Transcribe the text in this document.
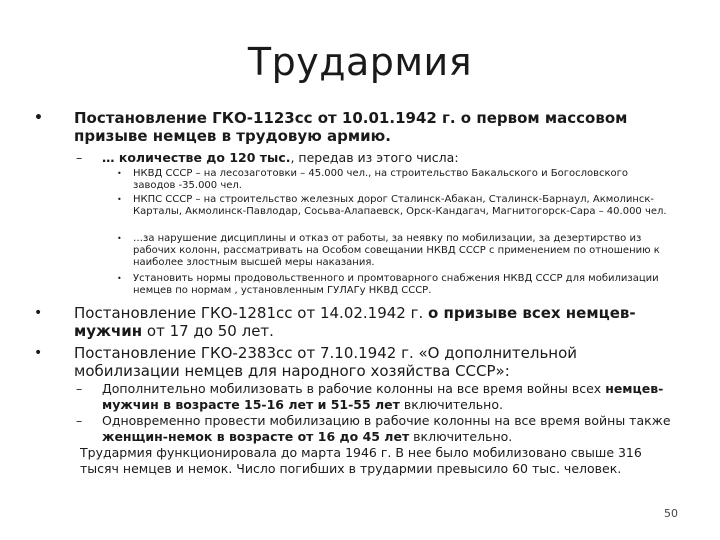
Трудармия
• Постановление ГКО-1123сс от 10.01.1942 г. о первом массовом призыве немцев в трудовую армию.
– … количестве до 120 тыс., передав из этого числа:
• НКВД СССР – на лесозаготовки – 45.000 чел., на строительство Бакальского и Богословского заводов -35.000 чел.
• НКПС СССР – на строительство железных дорог Сталинск-Абакан, Сталинск-Барнаул, Акмолинск-Карталы, Акмолинск-Павлодар, Сосьва-Алапаевск, Орск-Кандагач, Магнитогорск-Сара – 40.000 чел.
• …за нарушение дисциплины и отказ от работы, за неявку по мобилизации, за дезертирство из рабочих колонн, рассматривать на Особом совещании НКВД СССР с применением по отношению к наиболее злостным высшей меры наказания.
• Установить нормы продовольственного и промтоварного снабжения НКВД СССР для мобилизации немцев по нормам , установленным ГУЛАГу НКВД СССР.
• Постановление ГКО-1281сс от 14.02.1942 г. о призыве всех немцев-мужчин от 17 до 50 лет.
• Постановление ГКО-2383сс от 7.10.1942 г. «О дополнительной мобилизации немцев для народного хозяйства СССР»:
– Дополнительно мобилизовать в рабочие колонны на все время войны всех немцев-мужчин в возрасте 15-16 лет и 51-55 лет включительно.
– Одновременно провести мобилизацию в рабочие колонны на все время войны также женщин-немок в возрасте от 16 до 45 лет включительно.
Трудармия функционировала до марта 1946 г. В нее было мобилизовано свыше 316 тысяч немцев и немок. Число погибших в трудармии превысило 60 тыс. человек.
50
